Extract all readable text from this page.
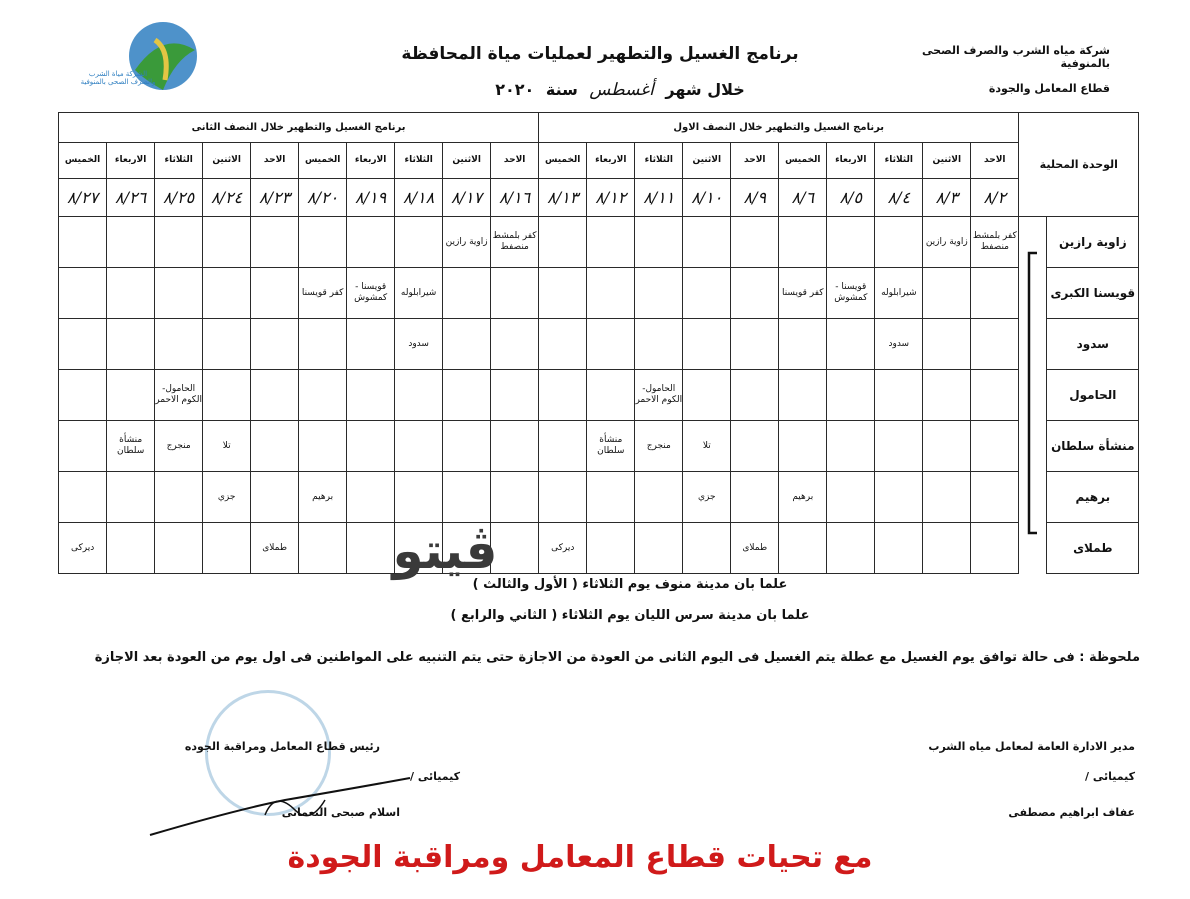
الشركة مياة الشرب والصرف الصحى بالمنوفية
شركة مياه الشرب والصرف الصحى بالمنوفية
قطاع المعامل والجودة
برنامج الغسيل والتطهير لعمليات مياة المحافظة
خلال شهر أغسطس سنة ٢٠٢٠
الوحدة المحلية		برنامج الغسيل والتطهير خلال النصف الاول										برنامج الغسيل والتطهير خلال النصف الثانى									
		الاحد	الاثنين	الثلاثاء	الاربعاء	الخميس	الاحد	الاثنين	الثلاثاء	الاربعاء	الخميس	الاحد	الاثنين	الثلاثاء	الاربعاء	الخميس	الاحد	الاثنين	الثلاثاء	الاربعاء	الخميس
		٨/٢	٨/٣	٨/٤	٨/٥	٨/٦	٨/٩	٨/١٠	٨/١١	٨/١٢	٨/١٣	٨/١٦	٨/١٧	٨/١٨	٨/١٩	٨/٢٠	٨/٢٣	٨/٢٤	٨/٢٥	٨/٢٦	٨/٢٧
زاوية رازين		كفر بلمشط منصفط	زاوية رازين									كفر بلمشط منصفط	زاوية رازين								
قويسنا الكبرى				شيرابلوله	قويسنا - كمشوش	كفر قويسنا								شيرابلوله	قويسنا - كمشوش	كفر قويسنا					
سدود				سدود										سدود							
الحامول									الحامول- الكوم الاحمر										الحامول- الكوم الاحمر		
منشأة سلطان								تلا	منجرج	منشأة سلطان								تلا	منجرج	منشأة سلطان	
برهيم						برهيم		جزي								برهيم		جزي			
طملاى							طملاى				ديركى						طملاى				ديركى
علما بان مدينة منوف يوم الثلاثاء ( الأول والثالث )
علما بان مدينة سرس الليان يوم الثلاثاء ( الثاني والرابع )
ملحوظة : فى حالة توافق يوم الغسيل مع عطلة يتم الغسيل فى اليوم الثانى من العودة من الاجازة حتى يتم التنبيه على المواطنين فى اول يوم من العودة بعد الاجازة
مدير الادارة العامة لمعامل مياه الشرب
كيميائى /
عفاف ابراهيم مصطفى
رئيس قطاع المعامل ومراقبة الجوده
كيميائى /
اسلام صبحى النعمانى
ڤيتو
مع تحيات قطاع المعامل ومراقبة الجودة
